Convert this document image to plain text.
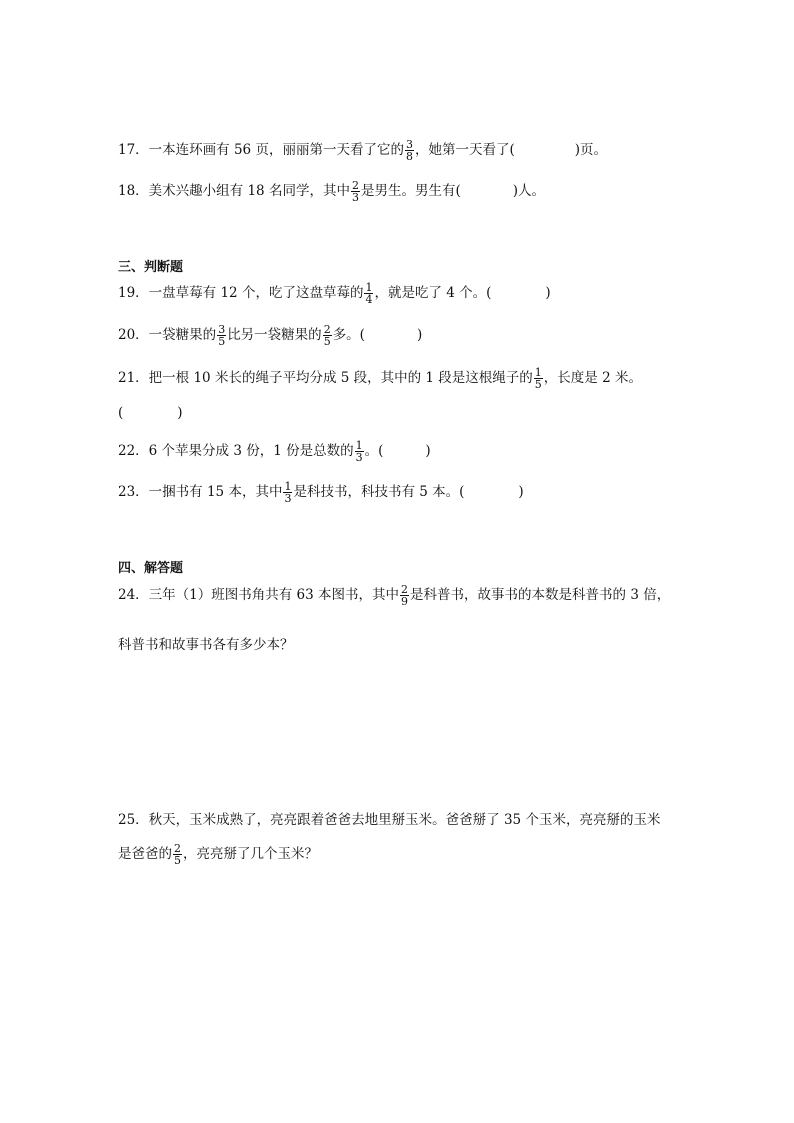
17．一本连环画有 56 页，丽丽第一天看了它的 $\frac{3}{8}$ ，她第一天看了(	)页。
18．美术兴趣小组有 18 名同学，其中 $\frac{2}{3}$ 是男生。男生有(	)人。
三、判断题
19．一盘草莓有 12 个，吃了这盘草莓的 $\frac{1}{4}$ ，就是吃了 4 个。(	)
20．一袋糖果的 $\frac{3}{5}$ 比另一袋糖果的 $\frac{2}{5}$ 多。(	)
21．把一根 10 米长的绳子平均分成 5 段，其中的 1 段是这根绳子的 $\frac{1}{5}$ ，长度是 2 米。
(	)
22．6 个苹果分成 3 份，1 份是总数的 $\frac{1}{3}$ 。(	)
23．一捆书有 15 本，其中 $\frac{1}{3}$ 是科技书，科技书有 5 本。(	)
四、解答题
24．三年（1）班图书角共有 63 本图书，其中 $\frac{2}{9}$ 是科普书，故事书的本数是科普书的 3 倍，
科普书和故事书各有多少本？
25．秋天，玉米成熟了，亮亮跟着爸爸去地里掰玉米。爸爸掰了 35 个玉米，亮亮掰的玉米
是爸爸的 $\frac{2}{5}$ ，亮亮掰了几个玉米？
